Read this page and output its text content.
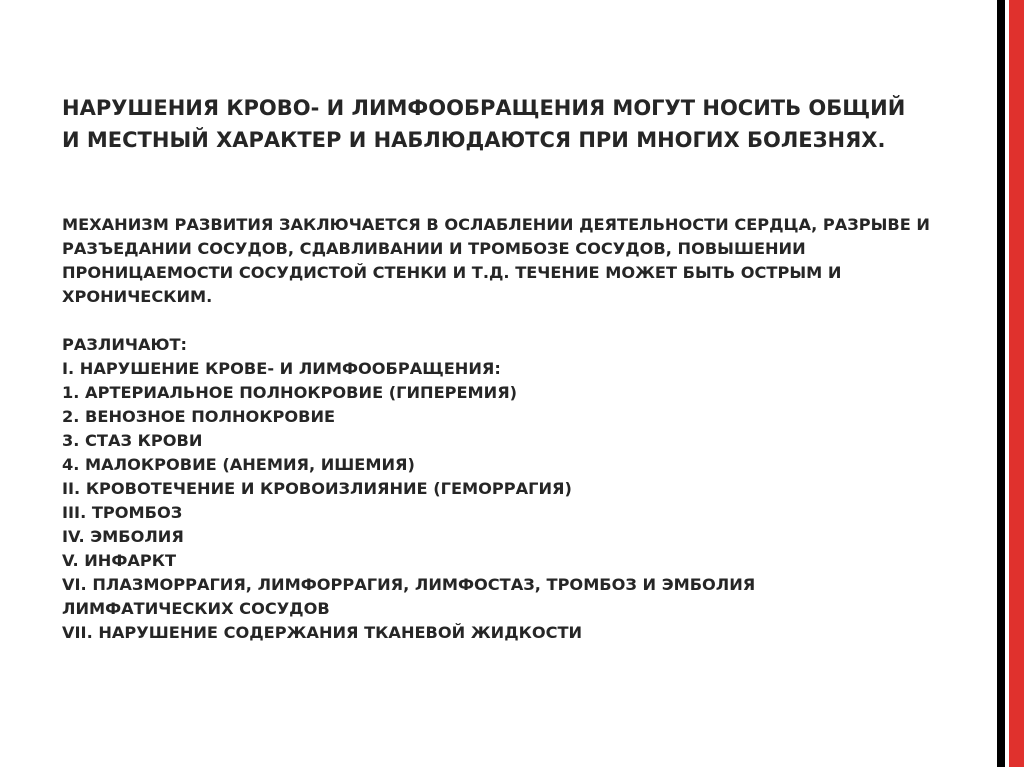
НАРУШЕНИЯ КРОВО- И ЛИМФООБРАЩЕНИЯ МОГУТ НОСИТЬ ОБЩИЙ И МЕСТНЫЙ ХАРАКТЕР И НАБЛЮДАЮТСЯ ПРИ МНОГИХ БОЛЕЗНЯХ.

МЕХАНИЗМ РАЗВИТИЯ ЗАКЛЮЧАЕТСЯ В ОСЛАБЛЕНИИ ДЕЯТЕЛЬНОСТИ СЕРДЦА, РАЗРЫВЕ И РАЗЪЕДАНИИ СОСУДОВ, СДАВЛИВАНИИ И ТРОМБОЗЕ СОСУДОВ, ПОВЫШЕНИИ ПРОНИЦАЕМОСТИ СОСУДИСТОЙ СТЕНКИ И Т.Д. ТЕЧЕНИЕ МОЖЕТ БЫТЬ ОСТРЫМ И ХРОНИЧЕСКИМ.

РАЗЛИЧАЮТ:
I. НАРУШЕНИЕ КРОВЕ- И ЛИМФООБРАЩЕНИЯ:
1. АРТЕРИАЛЬНОЕ ПОЛНОКРОВИЕ (ГИПЕРЕМИЯ)
2. ВЕНОЗНОЕ ПОЛНОКРОВИЕ
3. СТАЗ КРОВИ
4. МАЛОКРОВИЕ (АНЕМИЯ, ИШЕМИЯ)
II. КРОВОТЕЧЕНИЕ И КРОВОИЗЛИЯНИЕ (ГЕМОРРАГИЯ)
III. ТРОМБОЗ
IV. ЭМБОЛИЯ
V. ИНФАРКТ
VI. ПЛАЗМОРРАГИЯ, ЛИМФОРРАГИЯ, ЛИМФОСТАЗ, ТРОМБОЗ И ЭМБОЛИЯ
ЛИМФАТИЧЕСКИХ СОСУДОВ
VII. НАРУШЕНИЕ СОДЕРЖАНИЯ ТКАНЕВОЙ ЖИДКОСТИ
